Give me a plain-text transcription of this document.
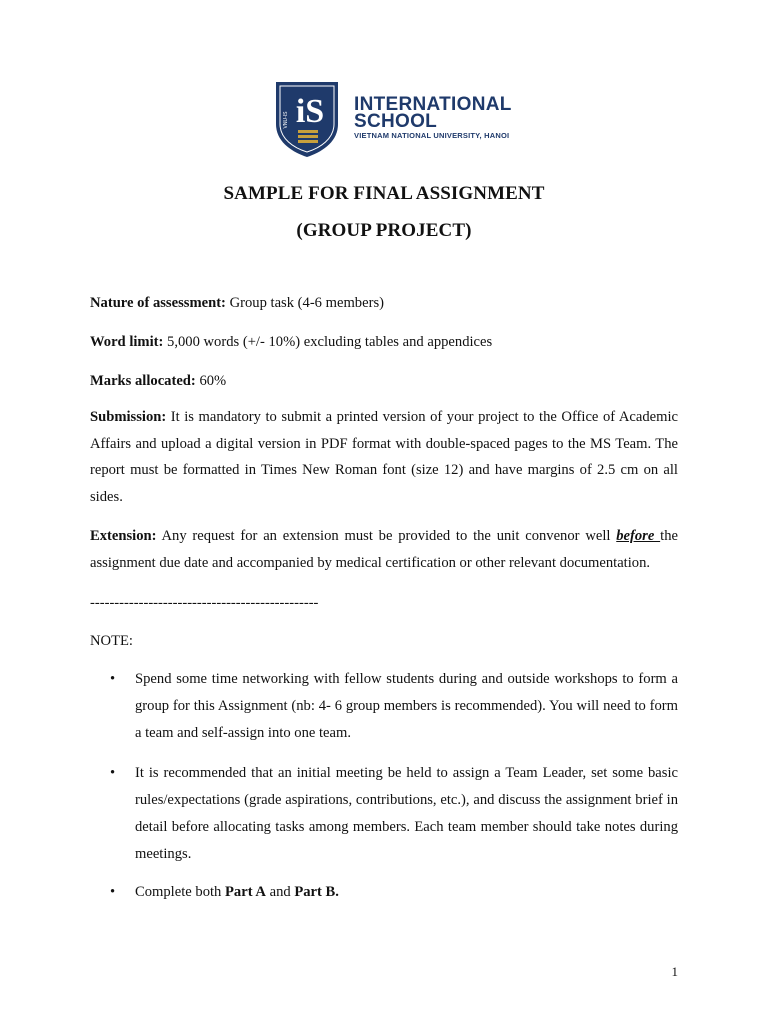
iS
VNU-IS
INTERNATIONAL
SCHOOL
VIETNAM NATIONAL UNIVERSITY, HANOI
SAMPLE FOR FINAL ASSIGNMENT
(GROUP PROJECT)

Nature of assessment: Group task (4-6 members)

Word limit: 5,000 words (+/- 10%) excluding tables and appendices

Marks allocated: 60%

Submission: It is mandatory to submit a printed version of your project to the Office of Academic Affairs and upload a digital version in PDF format with double-spaced pages to the MS Team. The report must be formatted in Times New Roman font (size 12) and have margins of 2.5 cm on all sides.

Extension: Any request for an extension must be provided to the unit convenor well before the assignment due date and accompanied by medical certification or other relevant documentation.

-----------------------------------------------

NOTE:

•	Spend some time networking with fellow students during and outside workshops to form a group for this Assignment (nb: 4- 6 group members is recommended). You will need to form a team and self-assign into one team.
•	It is recommended that an initial meeting be held to assign a Team Leader, set some basic rules/expectations (grade aspirations, contributions, etc.), and discuss the assignment brief in detail before allocating tasks among members. Each team member should take notes during meetings.
•	Complete both Part A and Part B.
1
